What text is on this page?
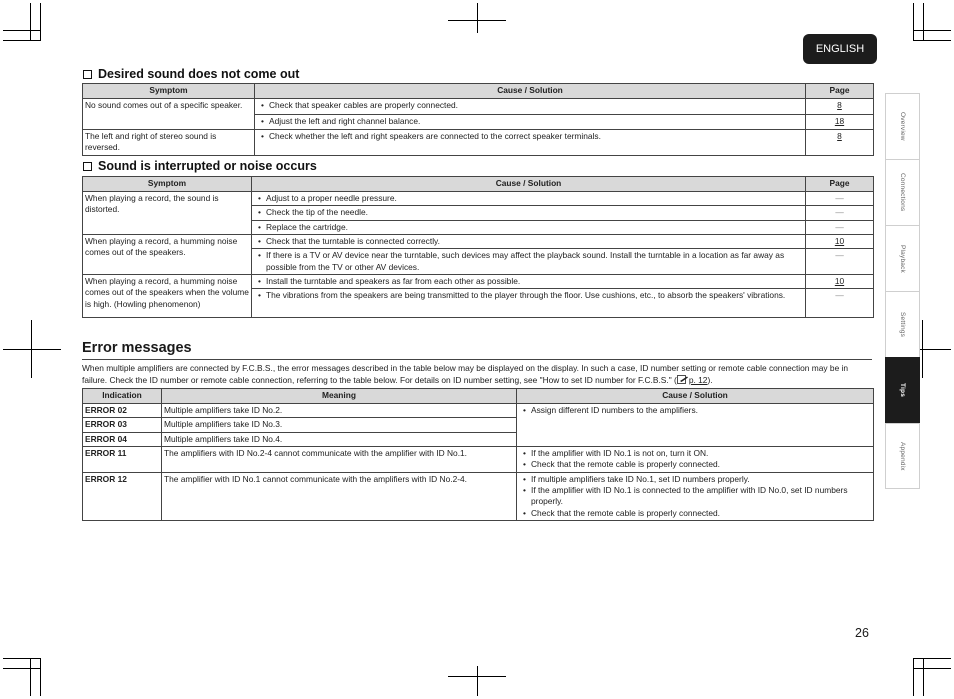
ENGLISH
Overview
Connections
Playback
Settings
Tips
Appendix
Desired sound does not come out
Symptom	Cause / Solution	Page
No sound comes out of a specific speaker.	• Check that speaker cables are properly connected.	8

	• Adjust the left and right channel balance.	18
The left and right of stereo sound is reversed.	• Check whether the left and right speakers are connected to the correct speaker terminals.	8
Sound is interrupted or noise occurs
Symptom	Cause / Solution	Page
When playing a record, the sound is distorted.	• Adjust to a proper needle pressure.	—

	• Check the tip of the needle.	—

	• Replace the cartridge.	—
When playing a record, a humming noise comes out of the speakers.	• Check that the turntable is connected correctly.	10

	• If there is a TV or AV device near the turntable, such devices may affect the playback sound. Install the turntable in a location as far away as possible from the TV or other AV devices.	—
When playing a record, a humming noise comes out of the speakers when the volume is high. (Howling phenomenon)	• Install the turntable and speakers as far from each other as possible.	10

	• The vibrations from the speakers are being transmitted to the player through the floor. Use cushions, etc., to absorb the speakers' vibrations.	—
Error messages
When multiple amplifiers are connected by F.C.B.S., the error messages described in the table below may be displayed on the display. In such a case, ID number setting or remote cable connection may be in failure. Check the ID number or remote cable connection, referring to the table below. For details on ID number setting, see "How to set ID number for F.C.B.S." ( p. 12).
Indication	Meaning	Cause / Solution
ERROR 02	Multiple amplifiers take ID No.2.	• Assign different ID numbers to the amplifiers.

ERROR 03	Multiple amplifiers take ID No.3.	
ERROR 04	Multiple amplifiers take ID No.4.	
ERROR 11	The amplifiers with ID No.2-4 cannot communicate with the amplifier with ID No.1.	• If the amplifier with ID No.1 is not on, turn it ON.
• Check that the remote cable is properly connected.

ERROR 12	The amplifier with ID No.1 cannot communicate with the amplifiers with ID No.2-4.	• If multiple amplifiers take ID No.1, set ID numbers properly.
• If the amplifier with ID No.1 is connected to the amplifier with ID No.0, set ID numbers properly.
• Check that the remote cable is properly connected.
26
